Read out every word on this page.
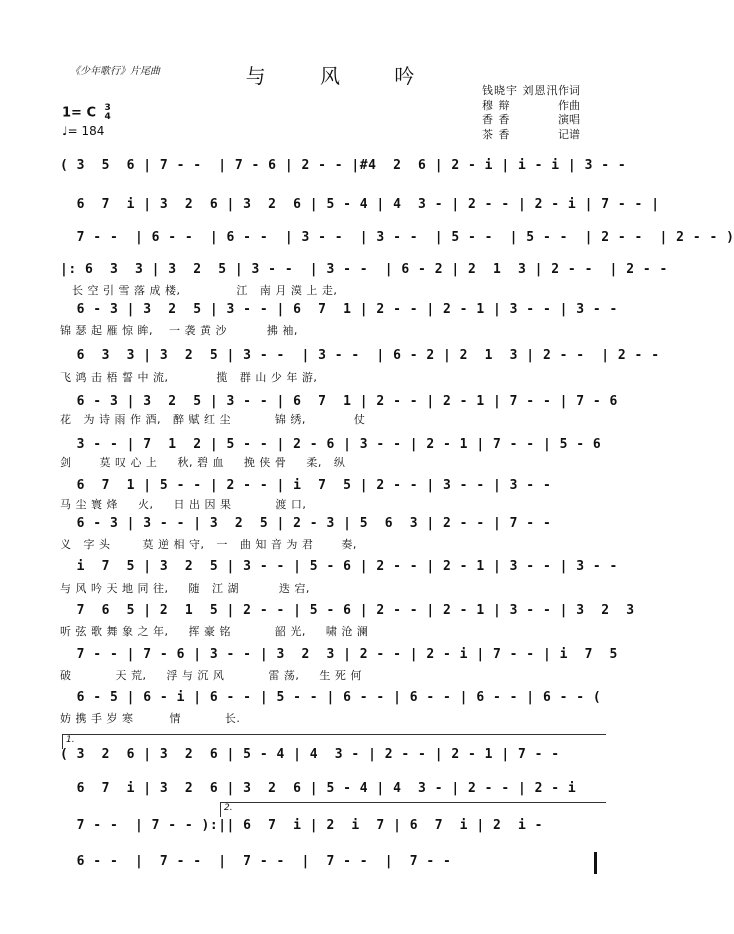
《少年歌行》片尾曲	与 风 吟
钱晓宇 刘恩汛作词
穆 辩	作曲
香 香	演唱
茶 香	记谱
1= C 3
4
♩= 184
( 3  5  6 | 7 - -  | 7 - 6 | 2 - - |#4  2  6 | 2 - i | i - i | 3 - -
6  7  i | 3  2  6 | 3  2  6 | 5 - 4 | 4  3 - | 2 - - | 2 - i | 7 - - |
7 - -  | 6 - -  | 6 - -  | 3 - -  | 3 - -  | 5 - -  | 5 - -  | 2 - -  | 2 - - )
|: 6  3  3 | 3  2  5 | 3 - -  | 3 - -  | 6 - 2 | 2  1  3 | 2 - -  | 2 - -
长 空 引 雪 落 成 楼,              江   南 月 漠 上 走,
6 - 3 | 3  2  5 | 3 - - | 6  7  1 | 2 - - | 2 - 1 | 3 - - | 3 - -
锦 瑟 起 雁 惊 眸,    一 袭 黄 沙          拂 袖,
6  3  3 | 3  2  5 | 3 - -  | 3 - -  | 6 - 2 | 2  1  3 | 2 - -  | 2 - -
飞 鸿 击 梧 誓 中 流,            揽   群 山 少 年 游,
6 - 3 | 3  2  5 | 3 - - | 6  7  1 | 2 - - | 2 - 1 | 7 - - | 7 - 6
花   为 诗 雨 作 酒,   醉 赋 红 尘           锦 绣,            仗
3 - - | 7  1  2 | 5 - - | 2 - 6 | 3 - - | 2 - 1 | 7 - - | 5 - 6
剑       莫 叹 心 上     秋, 碧 血     挽 侠 骨     柔,   纵
6  7  1 | 5 - - | 2 - - | i  7  5 | 2 - - | 3 - - | 3 - -
马 尘 寰 烽     火,     日 出 因 果           渡 口,
6 - 3 | 3 - - | 3  2  5 | 2 - 3 | 5  6  3 | 2 - - | 7 - -
义   字 头        莫 逆 相 守,   一   曲 知 音 为 君       奏,
i  7  5 | 3  2  5 | 3 - - | 5 - 6 | 2 - - | 2 - 1 | 3 - - | 3 - -
与 风 吟 天 地 同 往,     随   江 湖          迭 宕,
7  6  5 | 2  1  5 | 2 - - | 5 - 6 | 2 - - | 2 - 1 | 3 - - | 3  2  3
听 弦 歌 舞 象 之 年,     挥 豪 铭           韶 光,     啸 沧 澜
7 - - | 7 - 6 | 3 - - | 3  2  3 | 2 - - | 2 - i | 7 - - | i  7  5
破           天 荒,     浮 与 沉 风           雷 荡,     生 死 何
6 - 5 | 6 - i | 6 - - | 5 - - | 6 - - | 6 - - | 6 - - | 6 - - (
妨 携 手 岁 寒         情           长.
( 3  2  6 | 3  2  6 | 5 - 4 | 4  3 - | 2 - - | 2 - 1 | 7 - -
6  7  i | 3  2  6 | 3  2  6 | 5 - 4 | 4  3 - | 2 - - | 2 - i
7 - -  | 7 - - ):|| 6  7  i | 2  i  7 | 6  7  i | 2  i -
6 - -  |  7 - -  |  7 - -  |  7 - -  |  7 - -
1.
2.
